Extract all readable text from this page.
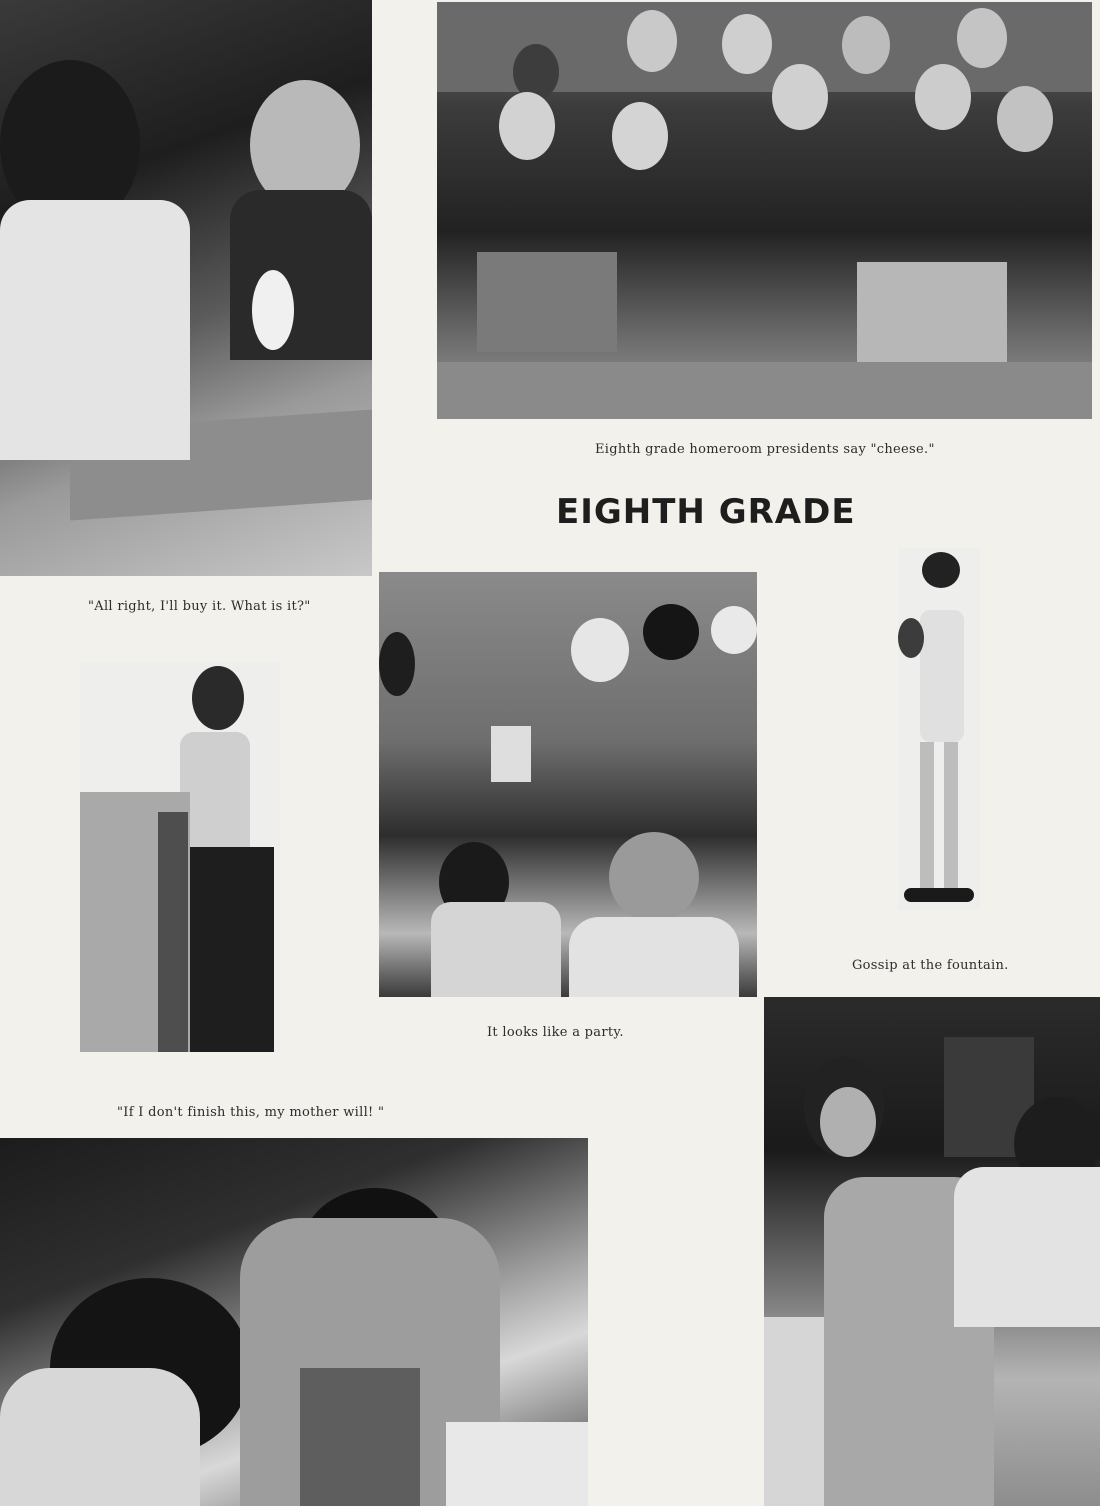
Eighth grade homeroom presidents say "cheese."
EIGHTH GRADE
"All right, I'll buy it. What is it?"
Gossip at the fountain.
It looks like a party.
"If I don't finish this, my mother will! "
